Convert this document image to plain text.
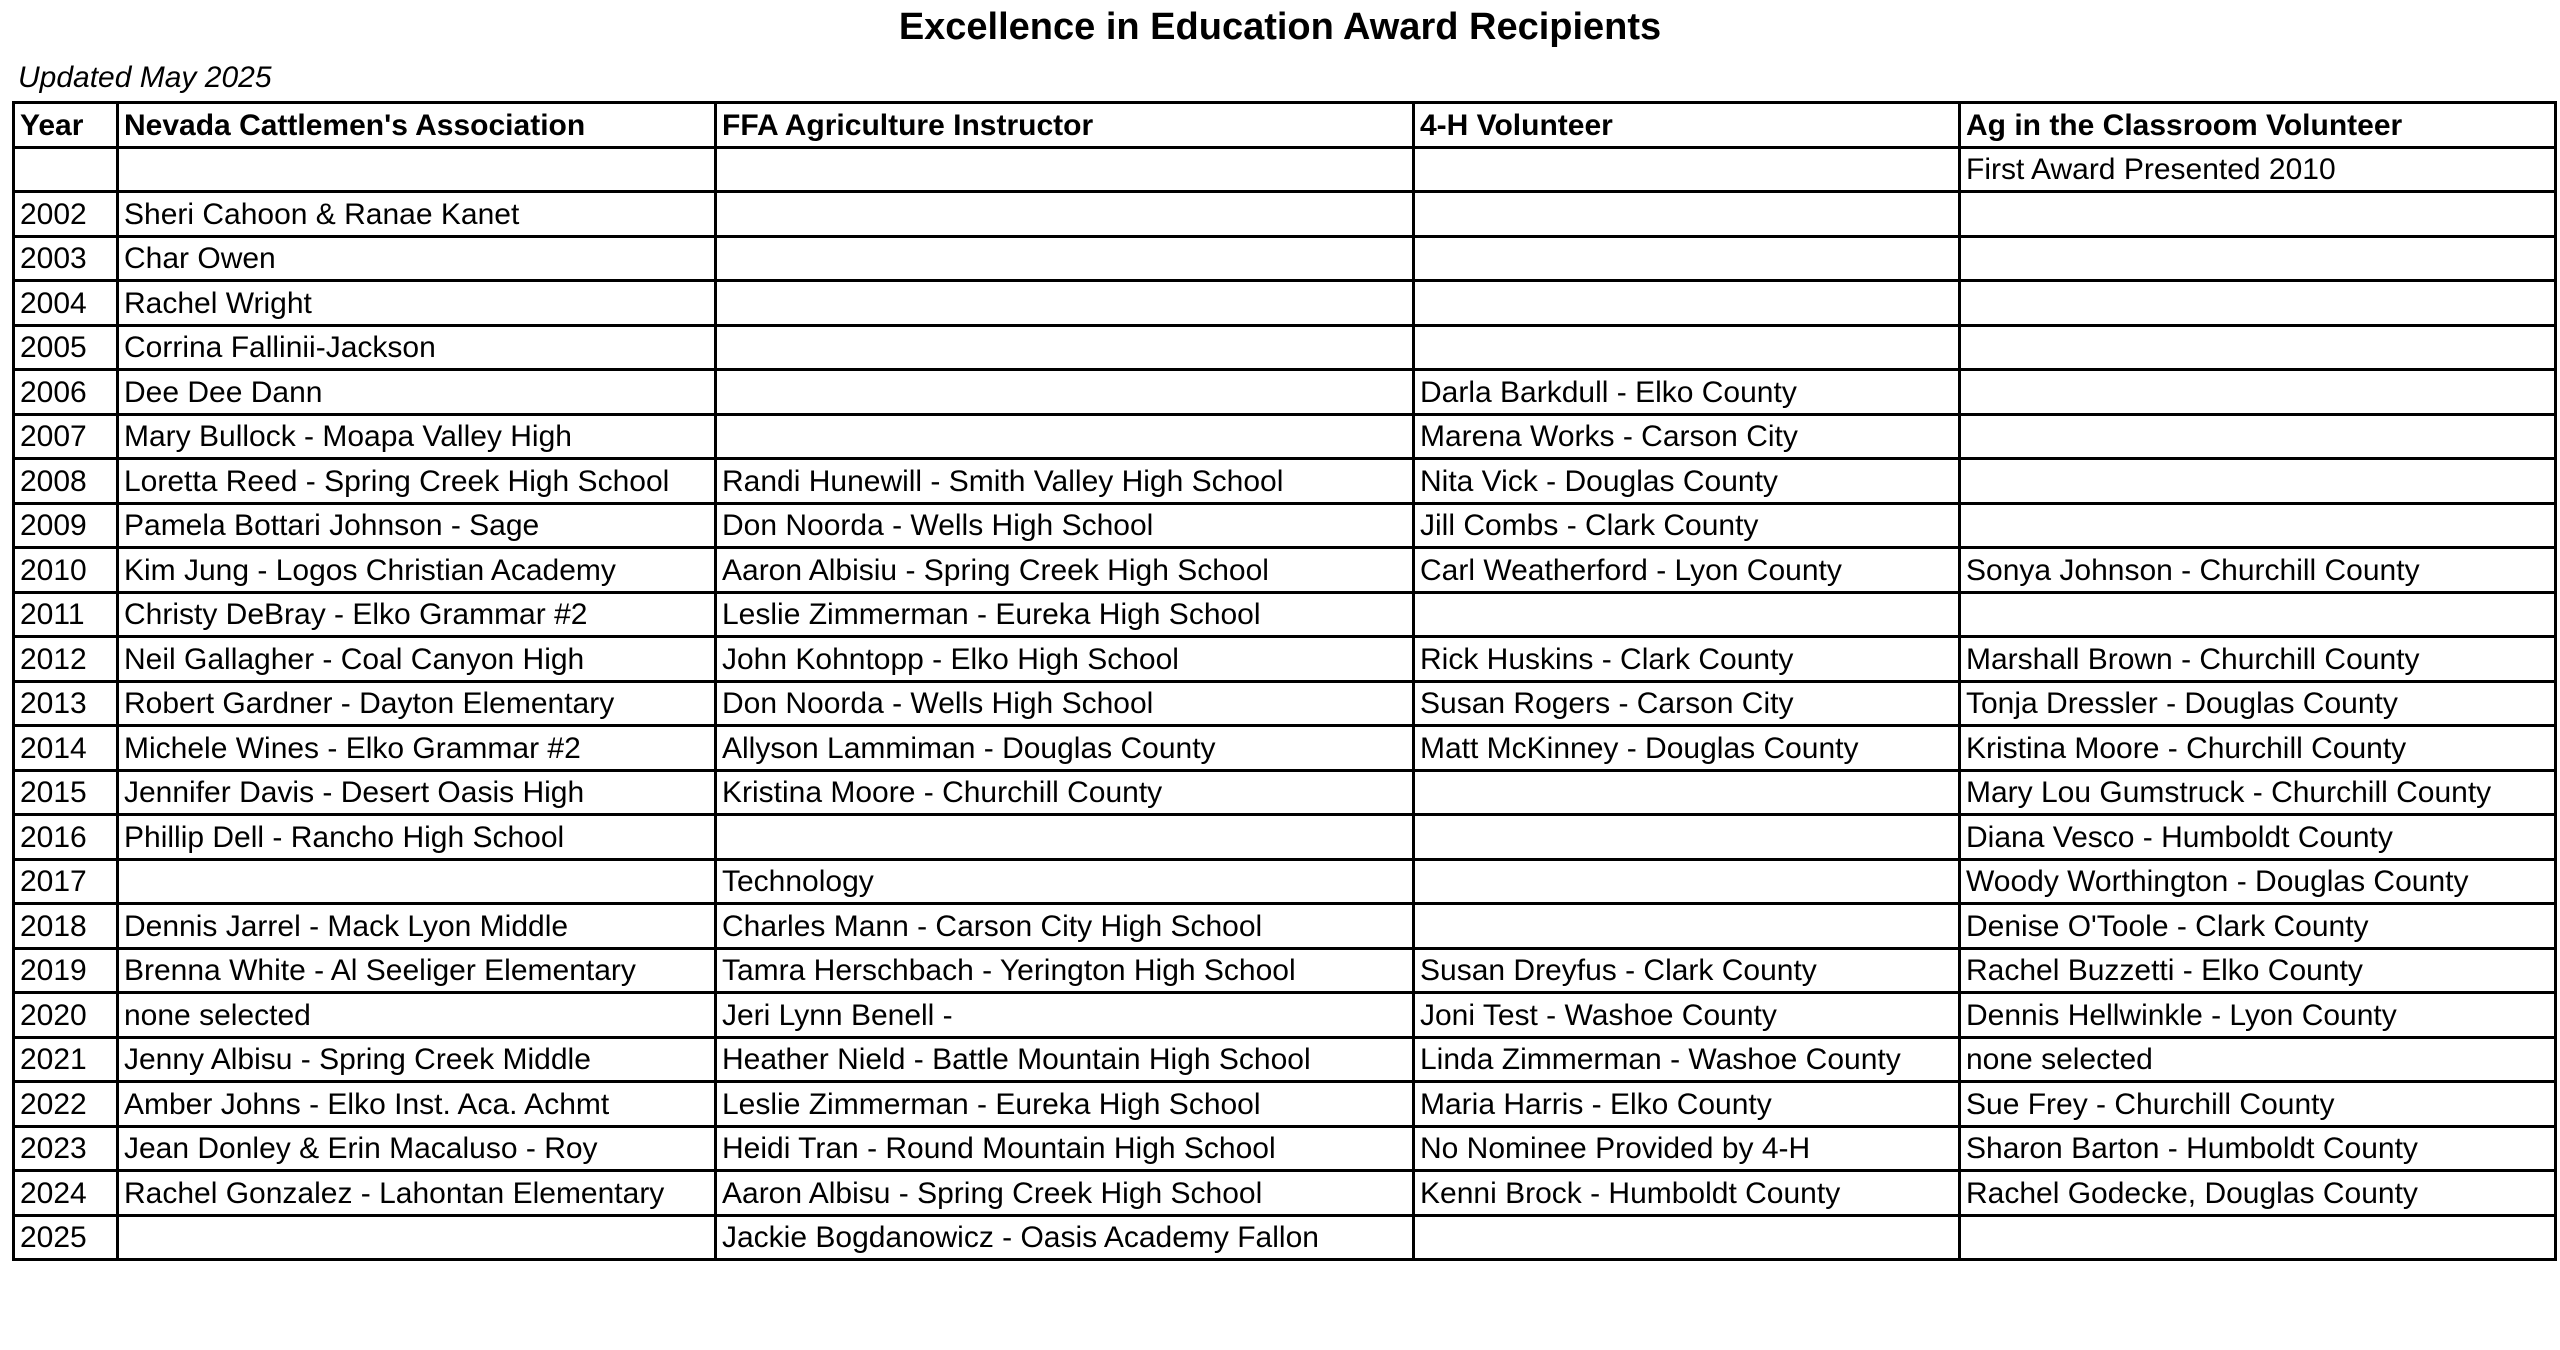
Excellence in Education Award Recipients
Updated May 2025
Year	Nevada Cattlemen's Association	FFA Agriculture Instructor	4-H Volunteer	Ag in the Classroom Volunteer
				First Award Presented 2010
2002	Sheri Cahoon & Ranae Kanet			
2003	Char Owen			
2004	Rachel Wright			
2005	Corrina Fallinii-Jackson			
2006	Dee Dee Dann		Darla Barkdull - Elko County	
2007	Mary Bullock - Moapa Valley High		Marena Works - Carson City	
2008	Loretta Reed - Spring Creek High School	Randi Hunewill - Smith Valley High School	Nita Vick - Douglas County	
2009	Pamela Bottari Johnson - Sage	Don Noorda - Wells High School	Jill Combs - Clark County	
2010	Kim Jung - Logos Christian Academy	Aaron Albisiu - Spring Creek High School	Carl Weatherford - Lyon County	Sonya Johnson - Churchill County
2011	Christy DeBray - Elko Grammar #2	Leslie Zimmerman - Eureka High School		
2012	Neil Gallagher - Coal Canyon High	John Kohntopp - Elko High School	Rick Huskins - Clark County	Marshall Brown - Churchill County
2013	Robert Gardner - Dayton Elementary	Don Noorda - Wells High School	Susan Rogers - Carson City	Tonja Dressler - Douglas County
2014	Michele Wines - Elko Grammar #2	Allyson Lammiman - Douglas County	Matt McKinney - Douglas County	Kristina Moore - Churchill County
2015	Jennifer Davis - Desert Oasis High	Kristina Moore - Churchill County		Mary Lou Gumstruck - Churchill County
2016	Phillip Dell - Rancho High School			Diana Vesco - Humboldt County
2017		Technology		Woody Worthington - Douglas County
2018	Dennis Jarrel - Mack Lyon Middle	Charles Mann - Carson City High School		Denise O'Toole - Clark County
2019	Brenna White - Al Seeliger Elementary	Tamra Herschbach - Yerington High School	Susan Dreyfus - Clark County	Rachel Buzzetti - Elko County
2020	none selected	Jeri Lynn Benell -	Joni Test - Washoe County	Dennis Hellwinkle - Lyon County
2021	Jenny Albisu - Spring Creek Middle	Heather Nield - Battle Mountain High School	Linda Zimmerman - Washoe County	none selected
2022	Amber Johns - Elko Inst. Aca. Achmt	Leslie Zimmerman - Eureka High School	Maria Harris - Elko County	Sue Frey - Churchill County
2023	Jean Donley & Erin Macaluso - Roy	Heidi Tran - Round Mountain High School	No Nominee Provided by 4-H	Sharon Barton - Humboldt County
2024	Rachel Gonzalez - Lahontan Elementary	Aaron Albisu - Spring Creek High School	Kenni Brock - Humboldt County	Rachel Godecke, Douglas County
2025		Jackie Bogdanowicz - Oasis Academy Fallon		
